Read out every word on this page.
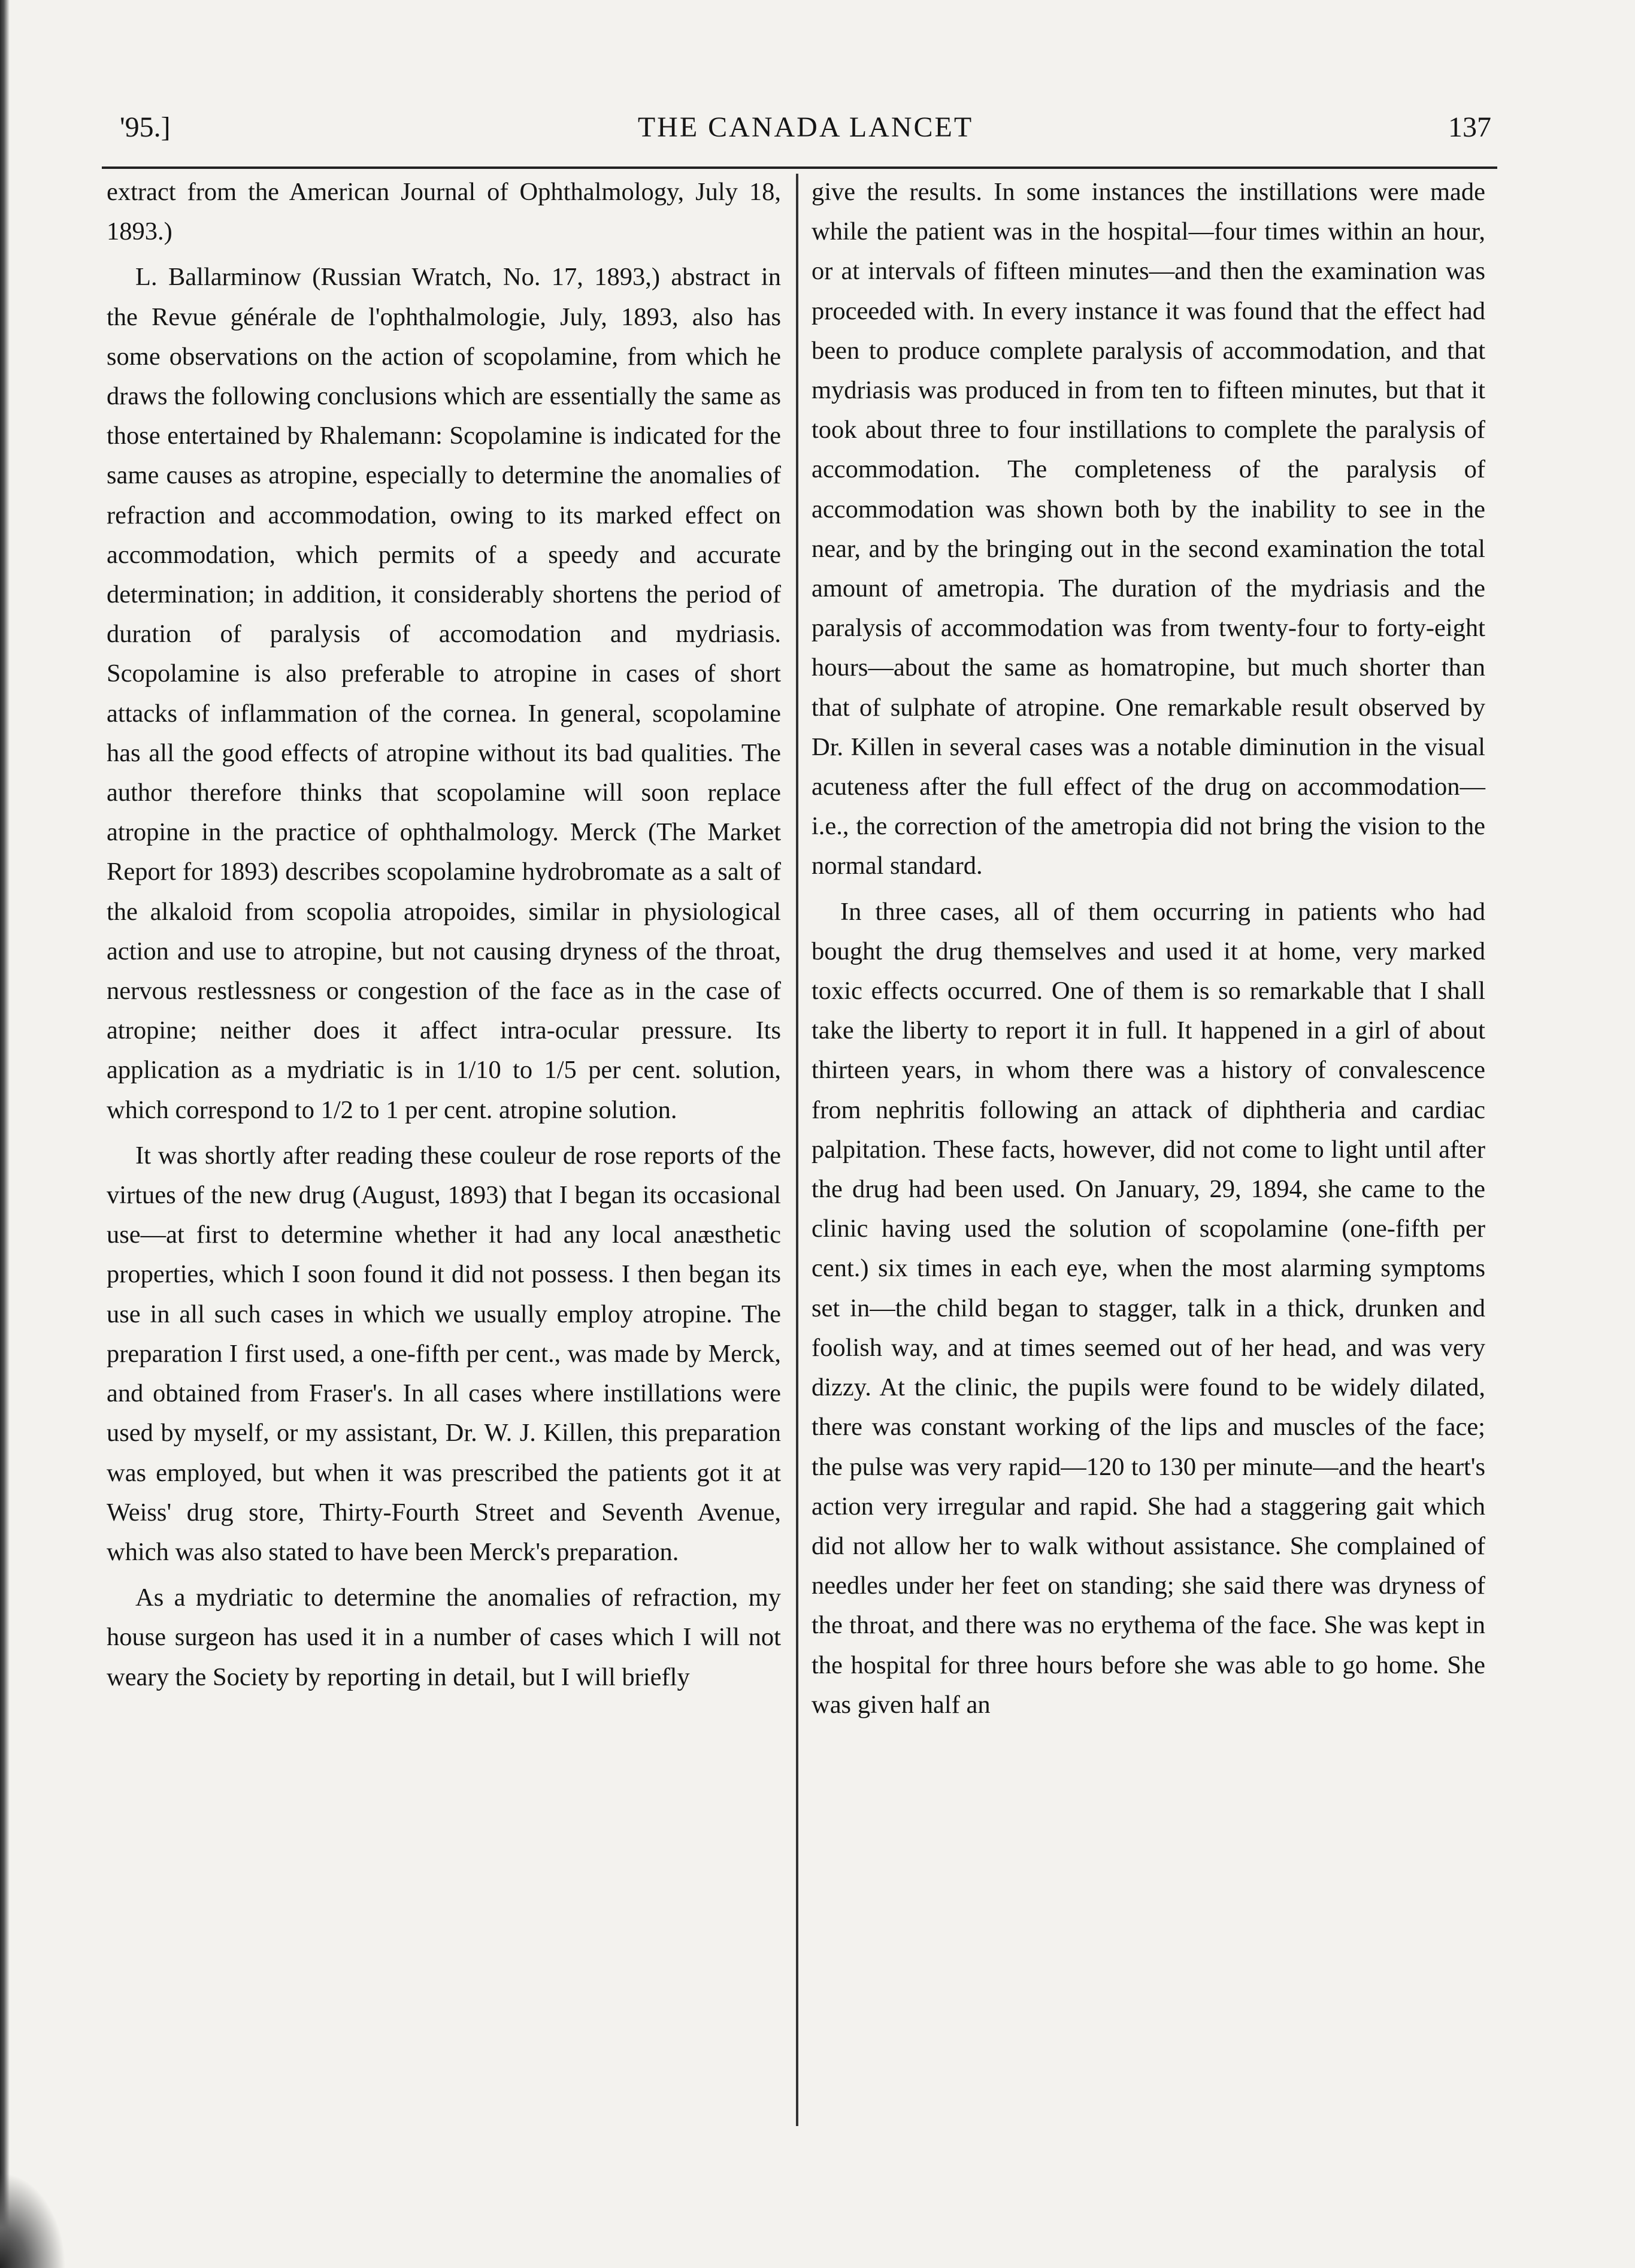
'95.]	THE CANADA LANCET	137

extract from the American Journal of Ophthalmology, July 18, 1893.)

L. Ballarminow (Russian Wratch, No. 17, 1893,) abstract in the Revue générale de l'ophthalmologie, July, 1893, also has some observations on the action of scopolamine, from which he draws the following conclusions which are essentially the same as those entertained by Rhalemann: Scopolamine is indicated for the same causes as atropine, especially to determine the anomalies of refraction and accommodation, owing to its marked effect on accommodation, which permits of a speedy and accurate determination; in addition, it considerably shortens the period of duration of paralysis of accomodation and mydriasis. Scopolamine is also preferable to atropine in cases of short attacks of inflammation of the cornea. In general, scopolamine has all the good effects of atropine without its bad qualities. The author therefore thinks that scopolamine will soon replace atropine in the practice of ophthalmology. Merck (The Market Report for 1893) describes scopolamine hydrobromate as a salt of the alkaloid from scopolia atropoides, similar in physiological action and use to atropine, but not causing dryness of the throat, nervous restlessness or congestion of the face as in the case of atropine; neither does it affect intra-ocular pressure. Its application as a mydriatic is in 1/10 to 1/5 per cent. solution, which correspond to 1/2 to 1 per cent. atropine solution.

It was shortly after reading these couleur de rose reports of the virtues of the new drug (August, 1893) that I began its occasional use—at first to determine whether it had any local anæsthetic properties, which I soon found it did not possess. I then began its use in all such cases in which we usually employ atropine. The preparation I first used, a one-fifth per cent., was made by Merck, and obtained from Fraser's. In all cases where instillations were used by myself, or my assistant, Dr. W. J. Killen, this preparation was employed, but when it was prescribed the patients got it at Weiss' drug store, Thirty-Fourth Street and Seventh Avenue, which was also stated to have been Merck's preparation.

As a mydriatic to determine the anomalies of refraction, my house surgeon has used it in a number of cases which I will not weary the Society by reporting in detail, but I will briefly

give the results. In some instances the instillations were made while the patient was in the hospital—four times within an hour, or at intervals of fifteen minutes—and then the examination was proceeded with. In every instance it was found that the effect had been to produce complete paralysis of accommodation, and that mydriasis was produced in from ten to fifteen minutes, but that it took about three to four instillations to complete the paralysis of accommodation. The completeness of the paralysis of accommodation was shown both by the inability to see in the near, and by the bringing out in the second examination the total amount of ametropia. The duration of the mydriasis and the paralysis of accommodation was from twenty-four to forty-eight hours—about the same as homatropine, but much shorter than that of sulphate of atropine. One remarkable result observed by Dr. Killen in several cases was a notable diminution in the visual acuteness after the full effect of the drug on accommodation—i.e., the correction of the ametropia did not bring the vision to the normal standard.

In three cases, all of them occurring in patients who had bought the drug themselves and used it at home, very marked toxic effects occurred. One of them is so remarkable that I shall take the liberty to report it in full. It happened in a girl of about thirteen years, in whom there was a history of convalescence from nephritis following an attack of diphtheria and cardiac palpitation. These facts, however, did not come to light until after the drug had been used. On January, 29, 1894, she came to the clinic having used the solution of scopolamine (one-fifth per cent.) six times in each eye, when the most alarming symptoms set in—the child began to stagger, talk in a thick, drunken and foolish way, and at times seemed out of her head, and was very dizzy. At the clinic, the pupils were found to be widely dilated, there was constant working of the lips and muscles of the face; the pulse was very rapid—120 to 130 per minute—and the heart's action very irregular and rapid. She had a staggering gait which did not allow her to walk without assistance. She complained of needles under her feet on standing; she said there was dryness of the throat, and there was no erythema of the face. She was kept in the hospital for three hours before she was able to go home. She was given half an
